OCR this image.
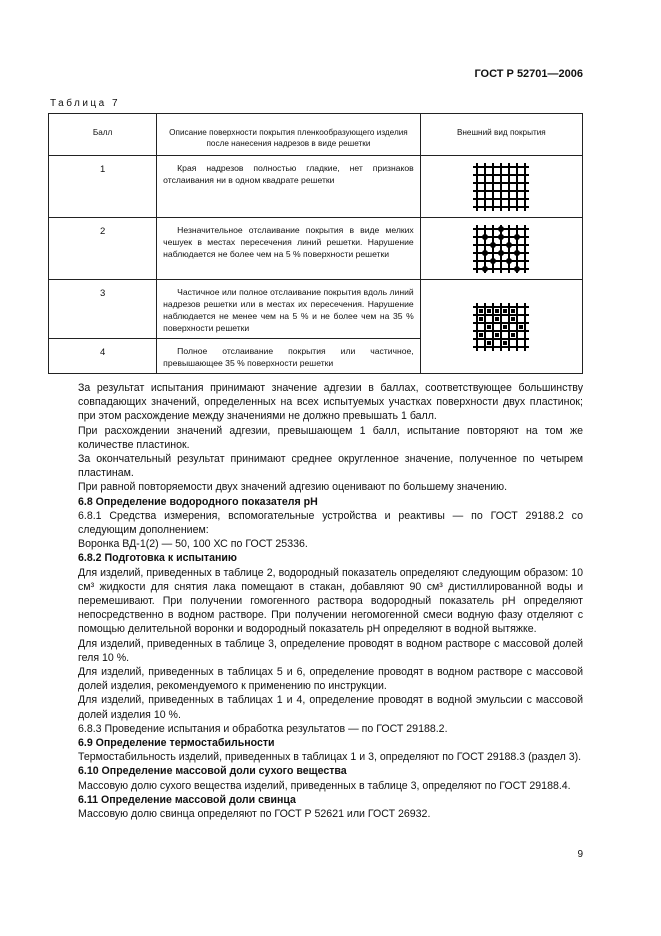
ГОСТ Р 52701—2006
Таблица 7
Балл	Описание поверхности покрытия пленкообразующего изделия после нанесения надрезов в виде решетки	Внешний вид покрытия
1	Края надрезов полностью гладкие, нет признаков отслаивания ни в одном квадрате решетки

2	Незначительное отслаивание покрытия в виде мелких чешуек в местах пересечения линий решетки. Нарушение наблюдается не более чем на 5 % поверхности решетки

3	Частичное или полное отслаивание покрытия вдоль линий надрезов решетки или в местах их пересечения. Нарушение наблюдается не менее чем на 5 % и не более чем на 35 % поверхности решетки

4	Полное отслаивание покрытия или частичное, превышающее 35 % поверхности решетки	

За результат испытания принимают значение адгезии в баллах, соответствующее большинству совпадающих значений, определенных на всех испытуемых участках поверхности двух пластинок; при этом расхождение между значениями не должно превышать 1 балл.

При расхождении значений адгезии, превышающем 1 балл, испытание повторяют на том же количестве пластинок.

За окончательный результат принимают среднее округленное значение, полученное по четырем пластинам.

При равной повторяемости двух значений адгезию оценивают по большему значению.

6.8 Определение водородного показателя рН

6.8.1 Средства измерения, вспомогательные устройства и реактивы — по ГОСТ 29188.2 со следующим дополнением:

Воронка ВД-1(2) — 50, 100 ХС по ГОСТ 25336.

6.8.2 Подготовка к испытанию

Для изделий, приведенных в таблице 2, водородный показатель определяют следующим образом: 10 см³ жидкости для снятия лака помещают в стакан, добавляют 90 см³ дистиллированной воды и перемешивают. При получении гомогенного раствора водородный показатель рН определяют непосредственно в водном растворе. При получении негомогенной смеси водную фазу отделяют с помощью делительной воронки и водородный показатель рН определяют в водной вытяжке.

Для изделий, приведенных в таблице 3, определение проводят в водном растворе с массовой долей геля 10 %.

Для изделий, приведенных в таблицах 5 и 6, определение проводят в водном растворе с массовой долей изделия, рекомендуемого к применению по инструкции.

Для изделий, приведенных в таблицах 1 и 4, определение проводят в водной эмульсии с массовой долей изделия 10 %.

6.8.3 Проведение испытания и обработка результатов — по ГОСТ 29188.2.

6.9 Определение термостабильности

Термостабильность изделий, приведенных в таблицах 1 и 3, определяют по ГОСТ 29188.3 (раздел 3).

6.10 Определение массовой доли сухого вещества

Массовую долю сухого вещества изделий, приведенных в таблице 3, определяют по ГОСТ 29188.4.

6.11 Определение массовой доли свинца

Массовую долю свинца определяют по ГОСТ Р 52621 или ГОСТ 26932.

9
